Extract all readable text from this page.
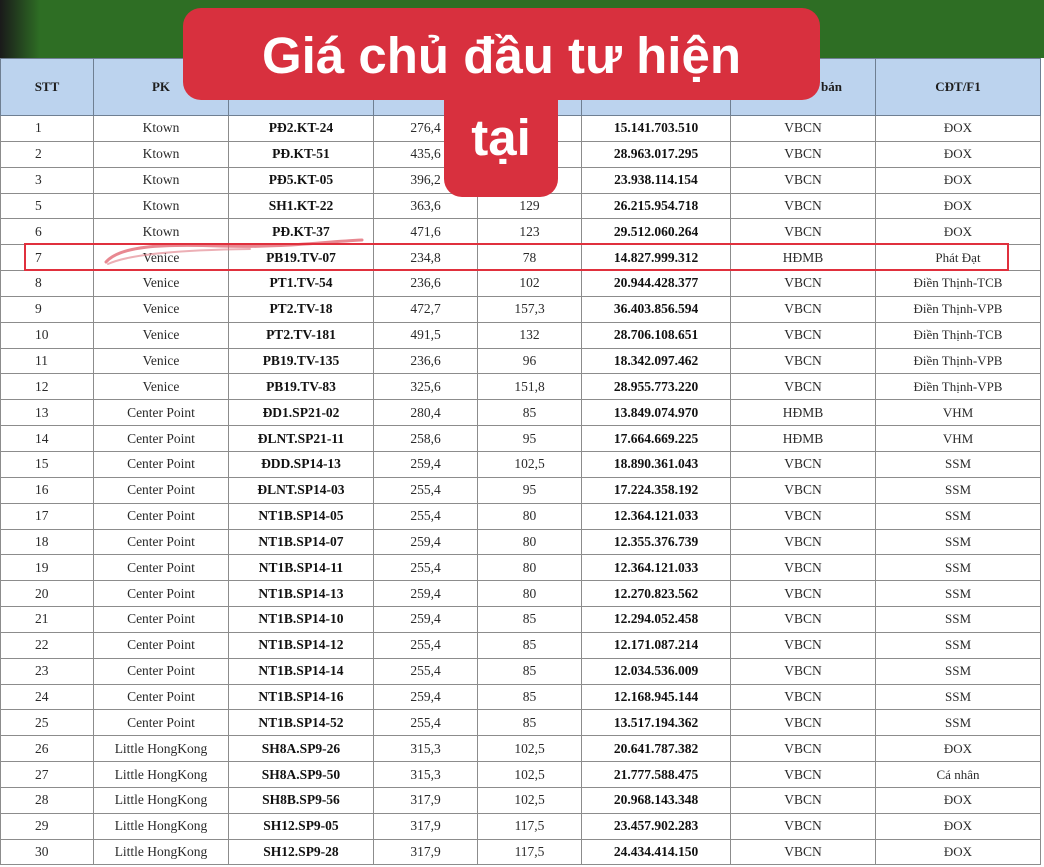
STT	PK					bán	CĐT/F1
1	Ktown	PĐ2.KT-24	276,4		15.141.703.510	VBCN	ĐOX
2	Ktown	PĐ.KT-51	435,6		28.963.017.295	VBCN	ĐOX
3	Ktown	PĐ5.KT-05	396,2		23.938.114.154	VBCN	ĐOX
5	Ktown	SH1.KT-22	363,6	129	26.215.954.718	VBCN	ĐOX
6	Ktown	PĐ.KT-37	471,6	123	29.512.060.264	VBCN	ĐOX
7	Venice	PB19.TV-07	234,8	78	14.827.999.312	HĐMB	Phát Đạt
8	Venice	PT1.TV-54	236,6	102	20.944.428.377	VBCN	Điền Thịnh-TCB
9	Venice	PT2.TV-18	472,7	157,3	36.403.856.594	VBCN	Điền Thịnh-VPB
10	Venice	PT2.TV-181	491,5	132	28.706.108.651	VBCN	Điền Thịnh-TCB
11	Venice	PB19.TV-135	236,6	96	18.342.097.462	VBCN	Điền Thịnh-VPB
12	Venice	PB19.TV-83	325,6	151,8	28.955.773.220	VBCN	Điền Thịnh-VPB
13	Center Point	ĐD1.SP21-02	280,4	85	13.849.074.970	HĐMB	VHM
14	Center Point	ĐLNT.SP21-11	258,6	95	17.664.669.225	HĐMB	VHM
15	Center Point	ĐDD.SP14-13	259,4	102,5	18.890.361.043	VBCN	SSM
16	Center Point	ĐLNT.SP14-03	255,4	95	17.224.358.192	VBCN	SSM
17	Center Point	NT1B.SP14-05	255,4	80	12.364.121.033	VBCN	SSM
18	Center Point	NT1B.SP14-07	259,4	80	12.355.376.739	VBCN	SSM
19	Center Point	NT1B.SP14-11	255,4	80	12.364.121.033	VBCN	SSM
20	Center Point	NT1B.SP14-13	259,4	80	12.270.823.562	VBCN	SSM
21	Center Point	NT1B.SP14-10	259,4	85	12.294.052.458	VBCN	SSM
22	Center Point	NT1B.SP14-12	255,4	85	12.171.087.214	VBCN	SSM
23	Center Point	NT1B.SP14-14	255,4	85	12.034.536.009	VBCN	SSM
24	Center Point	NT1B.SP14-16	259,4	85	12.168.945.144	VBCN	SSM
25	Center Point	NT1B.SP14-52	255,4	85	13.517.194.362	VBCN	SSM
26	Little HongKong	SH8A.SP9-26	315,3	102,5	20.641.787.382	VBCN	ĐOX
27	Little HongKong	SH8A.SP9-50	315,3	102,5	21.777.588.475	VBCN	Cá nhân
28	Little HongKong	SH8B.SP9-56	317,9	102,5	20.968.143.348	VBCN	ĐOX
29	Little HongKong	SH12.SP9-05	317,9	117,5	23.457.902.283	VBCN	ĐOX
30	Little HongKong	SH12.SP9-28	317,9	117,5	24.434.414.150	VBCN	ĐOX
Giá chủ đầu tư hiện
tại
